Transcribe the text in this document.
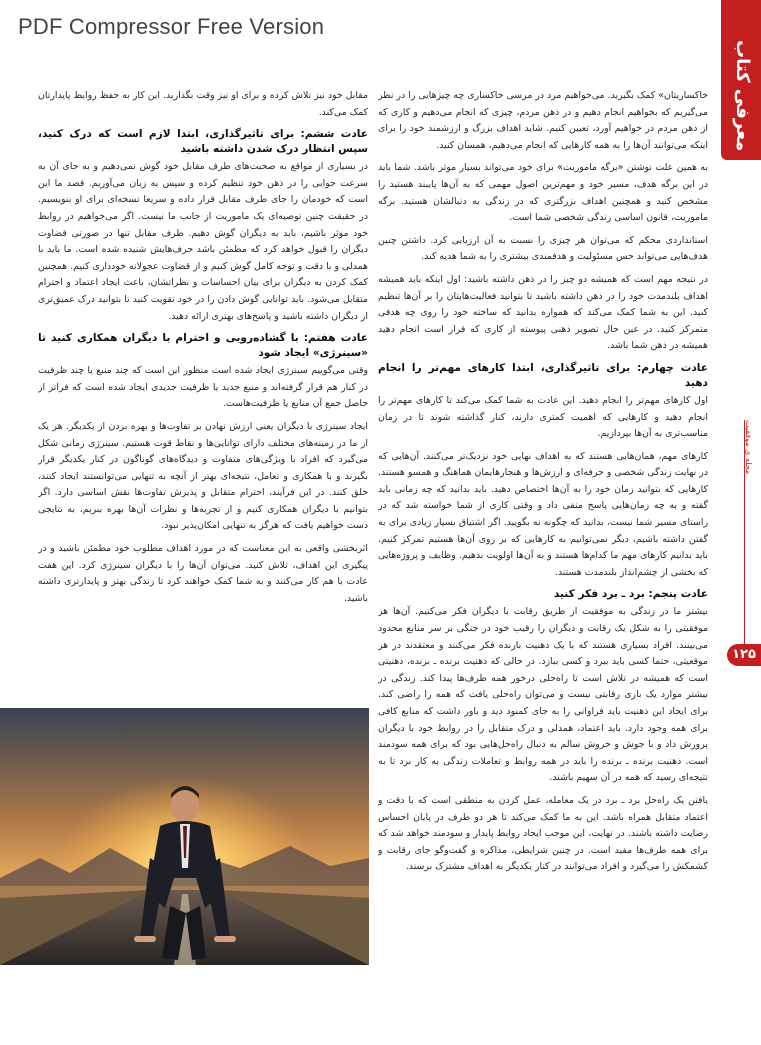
PDF Compressor Free Version
معرفی کتاب
مجله ی موفقیت
۱۲۵

خاکساریتان» کمک بگیرید. می‌خواهیم مرد در مرسی خاکساری چه چیزهایی را در نظر می‌گیریم که بخواهیم انجام دهیم و در ذهن مردم، چیزی که انجام می‌دهیم و کاری که از ذهن مردم در خواهیم آورد، تعیین کنیم. شاید اهداف بزرگ و ارزشمند خود را برای اینکه می‌توانند آن‌ها را به همه کارهایی که انجام می‌دهیم، همسان کنید.

به همین علت نوشتن «برگه ماموریت» برای خود می‌تواند بسیار موثر باشد. شما باید در این برگه هدف، مسیر خود و مهم‌ترین اصول مهمی که به آن‌ها پایبند هستید را مشخص کنید و همچنین اهداف بزرگتری که در زندگی به دنبالشان هستید. برگه ماموریت، قانون اساسی زندگی شخصی شما است.

استانداردی محکم که می‌توان هر چیزی را نسبت به آن ارزیابی کرد. داشتن چنین هدف‌هایی می‌تواند حس مسئولیت و هدفمندی بیشتری را به شما هدیه کند.

در نتیجه مهم است که همیشه دو چیز را در ذهن داشته باشید: اول اینکه باید همیشه اهداف بلندمدت خود را در ذهن داشته باشید تا بتوانید فعالیت‌هایتان را بر آن‌ها تنظیم کنید. این به شما کمک می‌کند که همواره بدانید که ساخته خود را روی چه هدفی متمرکز کنید. در عین حال تصویر ذهنی پیوسته از کاری که قرار است انجام دهید همیشه در ذهن شما باشد.

عادت چهارم: برای تاثیرگذاری، ابتدا کارهای مهم‌تر را انجام دهید

اول کارهای مهم‌تر را انجام دهید. این عادت به شما کمک می‌کند تا کارهای مهم‌تر را انجام دهید و کارهایی که اهمیت کمتری دارند، کنار گذاشته شوند تا در زمان مناسب‌تری به آن‌ها بپردازیم.

کارهای مهم، همان‌هایی هستند که به اهداف نهایی خود نزدیک‌تر می‌کنند. آن‌هایی که در نهایت زندگی شخصی و حرفه‌ای و ارزش‌ها و هنجارهایمان هماهنگ و همسو هستند. کارهایی که بتوانید زمان خود را به آن‌ها اختصاص دهید. باید بدانید که چه زمانی باید گفته و به چه زمان‌هایی پاسخ منفی داد و وقتی کاری از شما خواسته شد که در راستای مسیر شما نیست، بدانید که چگونه نه بگویید. اگر اشتیاق بسیار زیادی برای به گفتن داشته باشیم، دیگر نمی‌توانیم به کارهایی که بر روی آن‌ها هستیم تمرکز کنیم. باید بدانیم کارهای مهم ما کدام‌ها هستند و به آن‌ها اولویت بدهیم. وظایف و پروژه‌هایی که بخشی از چشم‌انداز بلندمدت هستند.

عادت پنجم: برد ـ برد فکر کنید

بیشتر ما در زندگی به موفقیت از طریق رقابت با دیگران فکر می‌کنیم. آن‌ها هر موفقیتی را به شکل یک رقابت و دیگران را رقیب خود در جنگی بر سر منابع محدود می‌بینند. افراد بسیاری هستند که با یک ذهنیت بازنده فکر می‌کنند و معتقدند در هر موقعیتی، حتما کسی باید ببرد و کسی ببازد. در حالی که ذهنیت برنده ـ برنده، ذهنیتی است که همیشه در تلاش است تا راه‌حلی درخور همه طرف‌ها پیدا کند. زندگی در بیشتر موارد یک بازی رقابتی نیست و می‌توان راه‌حلی یافت که همه را راضی کند. برای ایجاد این ذهنیت باید فراوانی را به جای کمبود دید و باور داشت که منابع کافی برای همه وجود دارد. باید اعتماد، همدلی و درک متقابل را در روابط خود با دیگران پرورش داد و با جوش و خروش سالم به دنبال راه‌حل‌هایی بود که برای همه سودمند است. ذهنیت برنده ـ برنده را باید در همه روابط و تعاملات زندگی به کار برد تا به نتیجه‌ای رسید که همه در آن سهیم باشند.

یافتن یک راه‌حل برد ـ برد در یک معامله، عمل کردن به منطقی است که با دقت و اعتماد متقابل همراه باشد. این به ما کمک می‌کند تا هر دو طرف در پایان احساس رضایت داشته باشند. در نهایت، این موجب ایجاد روابط پایدار و سودمند خواهد شد که برای همه طرف‌ها مفید است. در چنین شرایطی، مذاکره و گفت‌وگو جای رقابت و کشمکش را می‌گیرد و افراد می‌توانند در کنار یکدیگر به اهداف مشترک برسند.

مقابل خود نیز تلاش کرده و برای او نیز وقت بگذارید. این کار به حفظ روابط پایدارتان کمک می‌کند.

عادت ششم: برای تاثیرگذاری، ابتدا لازم است که درک کنید، سپس انتظار درک شدن داشته باشید

در بسیاری از مواقع به صحبت‌های طرف مقابل خود گوش نمی‌دهیم و به جای آن به سرعت جوابی را در ذهن خود تنظیم کرده و سپس به زبان می‌آوریم. قصد ما این است که خودمان را جای طرف مقابل قرار داده و سریعا نسخه‌ای برای او بنویسیم. در حقیقت چنین توصیه‌ای یک ماموریت از جانب ما نیست. اگر می‌خواهیم در روابط خود موثر باشیم، باید به دیگران گوش دهیم. طرف مقابل تنها در صورتی قضاوت دیگران را قبول خواهد کرد که مطمئن باشد حرف‌هایش شنیده شده است. ما باید با همدلی و با دقت و توجه کامل گوش کنیم و از قضاوت عجولانه خودداری کنیم. همچنین کمک کردن به دیگران برای بیان احساسات و نظراتشان، باعث ایجاد اعتماد و احترام متقابل می‌شود. باید توانایی گوش دادن را در خود تقویت کنید تا بتوانید درک عمیق‌تری از دیگران داشته باشید و پاسخ‌های بهتری ارائه دهید.

عادت هفتم: با گشاده‌رویی و احترام با دیگران همکاری کنید تا «سینرژی» ایجاد شود

وقتی می‌گوییم سینرژی ایجاد شده است منظور این است که چند منبع یا چند ظرفیت در کنار هم قرار گرفته‌اند و منبع جدید یا ظرفیت جدیدی ایجاد شده است که فراتر از حاصل جمع آن منابع یا ظرفیت‌هاست.

ایجاد سینرژی با دیگران یعنی ارزش نهادن بر تفاوت‌ها و بهره بردن از یکدیگر. هر یک از ما در زمینه‌های مختلف دارای توانایی‌ها و نقاط قوت هستیم. سینرژی زمانی شکل می‌گیرد که افراد با ویژگی‌های متفاوت و دیدگاه‌های گوناگون در کنار یکدیگر قرار بگیرند و با همکاری و تعامل، نتیجه‌ای بهتر از آنچه به تنهایی می‌توانستند ایجاد کنند، خلق کنند. در این فرآیند، احترام متقابل و پذیرش تفاوت‌ها نقش اساسی دارد. اگر بتوانیم با دیگران همکاری کنیم و از تجربه‌ها و نظرات آن‌ها بهره ببریم، به نتایجی دست خواهیم یافت که هرگز به تنهایی امکان‌پذیر نبود.

اثربخشی واقعی به این معناست که در مورد اهداف مطلوب خود مطمئن باشید و در پیگیری این اهداف، تلاش کنید. می‌توان آن‌ها را با دیگران سینرژی کرد. این هفت عادت با هم کار می‌کنند و به شما کمک خواهند کرد تا زندگی بهتر و پایدارتری داشته باشید.
